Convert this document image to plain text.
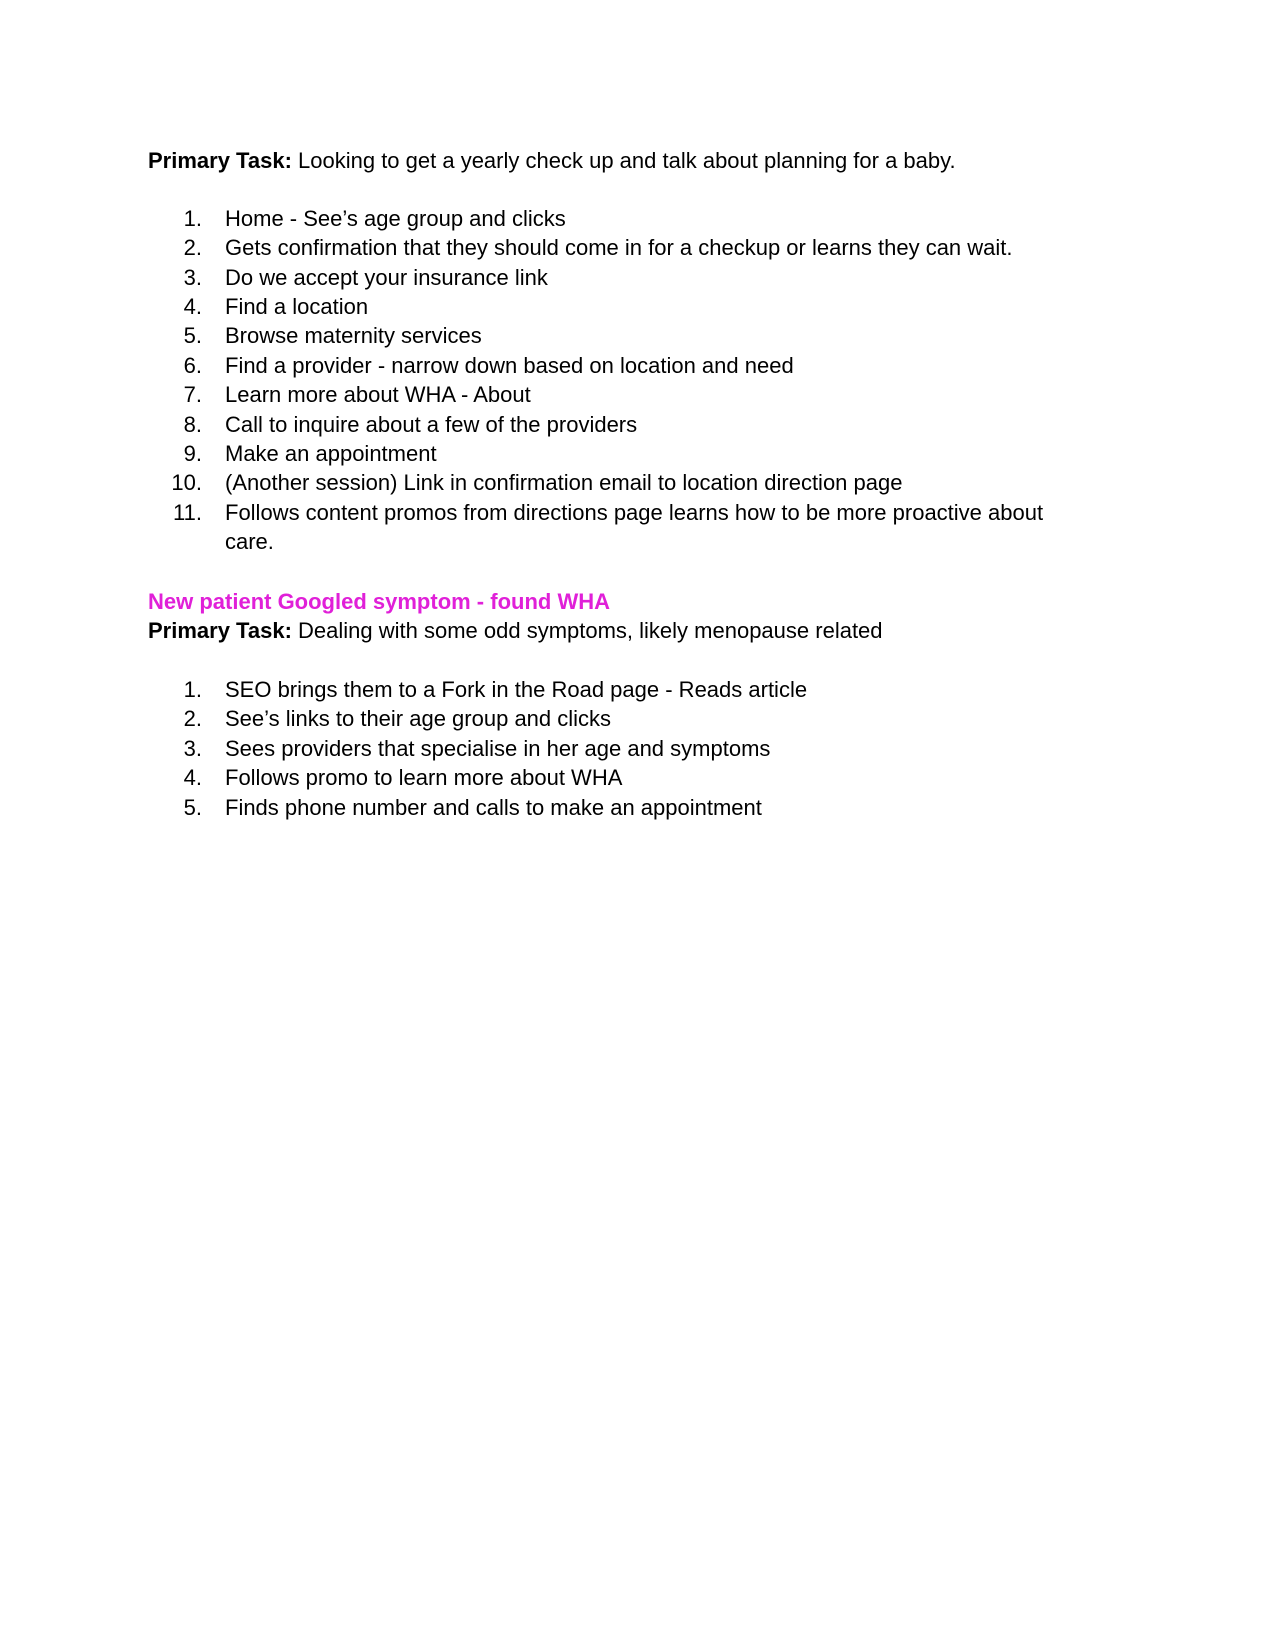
Primary Task: Looking to get a yearly check up and talk about planning for a baby.
1. Home - See’s age group and clicks
2. Gets confirmation that they should come in for a checkup or learns they can wait.
3. Do we accept your insurance link
4. Find a location
5. Browse maternity services
6. Find a provider - narrow down based on location and need
7. Learn more about WHA - About
8. Call to inquire about a few of the providers
9. Make an appointment
10. (Another session) Link in confirmation email to location direction page
11. Follows content promos from directions page learns how to be more proactive about care.
New patient Googled symptom - found WHA
Primary Task: Dealing with some odd symptoms, likely menopause related
1. SEO brings them to a Fork in the Road page - Reads article
2. See’s links to their age group and clicks
3. Sees providers that specialise in her age and symptoms
4. Follows promo to learn more about WHA
5. Finds phone number and calls to make an appointment
